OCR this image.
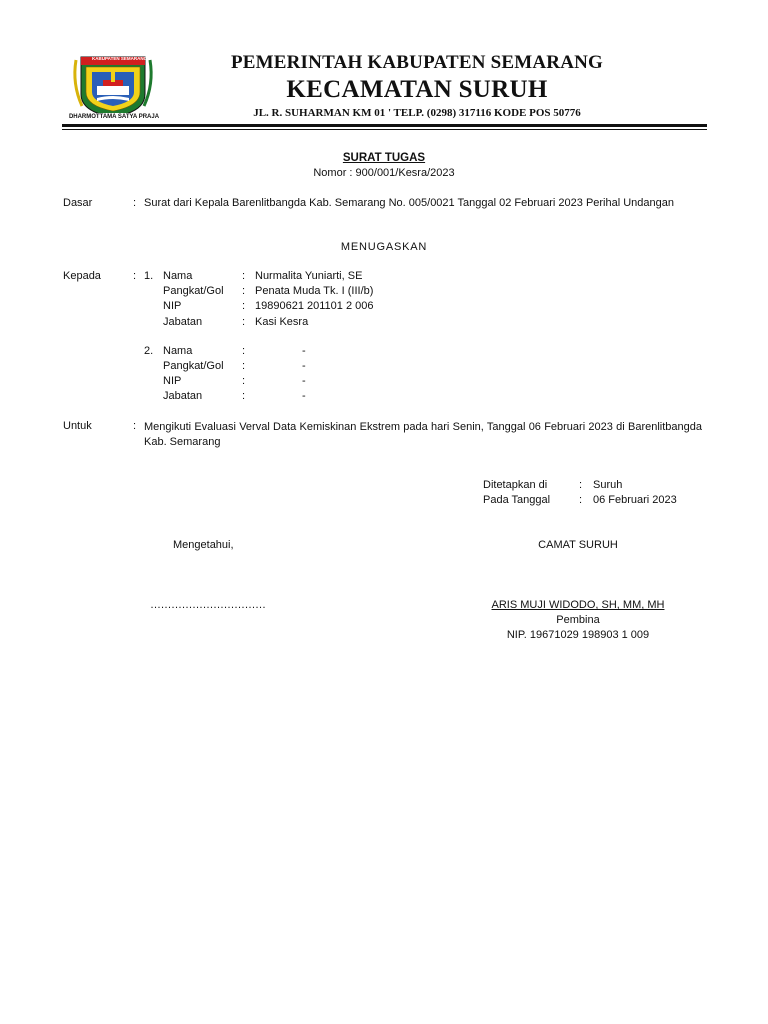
KABUPATEN SEMARANG
DHARMOTTAMA SATYA PRAJA
PEMERINTAH KABUPATEN SEMARANG
KECAMATAN SURUH
JL. R. SUHARMAN KM 01 ' TELP. (0298) 317116 KODE POS 50776
SURAT TUGAS
Nomor : 900/001/Kesra/2023
Dasar	: Surat dari Kepala Barenlitbangda Kab. Semarang No. 005/0021 Tanggal 02 Februari 2023 Perihal Undangan
MENUGASKAN
Kepada	: 1. Nama	: Nurmalita Yuniarti, SE
Pangkat/Gol : Penata Muda Tk. I (III/b)
NIP	: 19890621 201101 2 006
Jabatan	: Kasi Kesra
2. Nama	:	-
Pangkat/Gol :	-
NIP	:	-
Jabatan	:	-
Untuk	: Mengikuti Evaluasi Verval Data Kemiskinan Ekstrem pada hari Senin, Tanggal 06 Februari 2023 di Barenlitbangda Kab. Semarang
Ditetapkan di	: Suruh
Pada Tanggal	: 06 Februari 2023
Mengetahui,
……………………………
CAMAT SURUH
ARIS MUJI WIDODO, SH, MM, MH
Pembina
NIP. 19671029 198903 1 009
